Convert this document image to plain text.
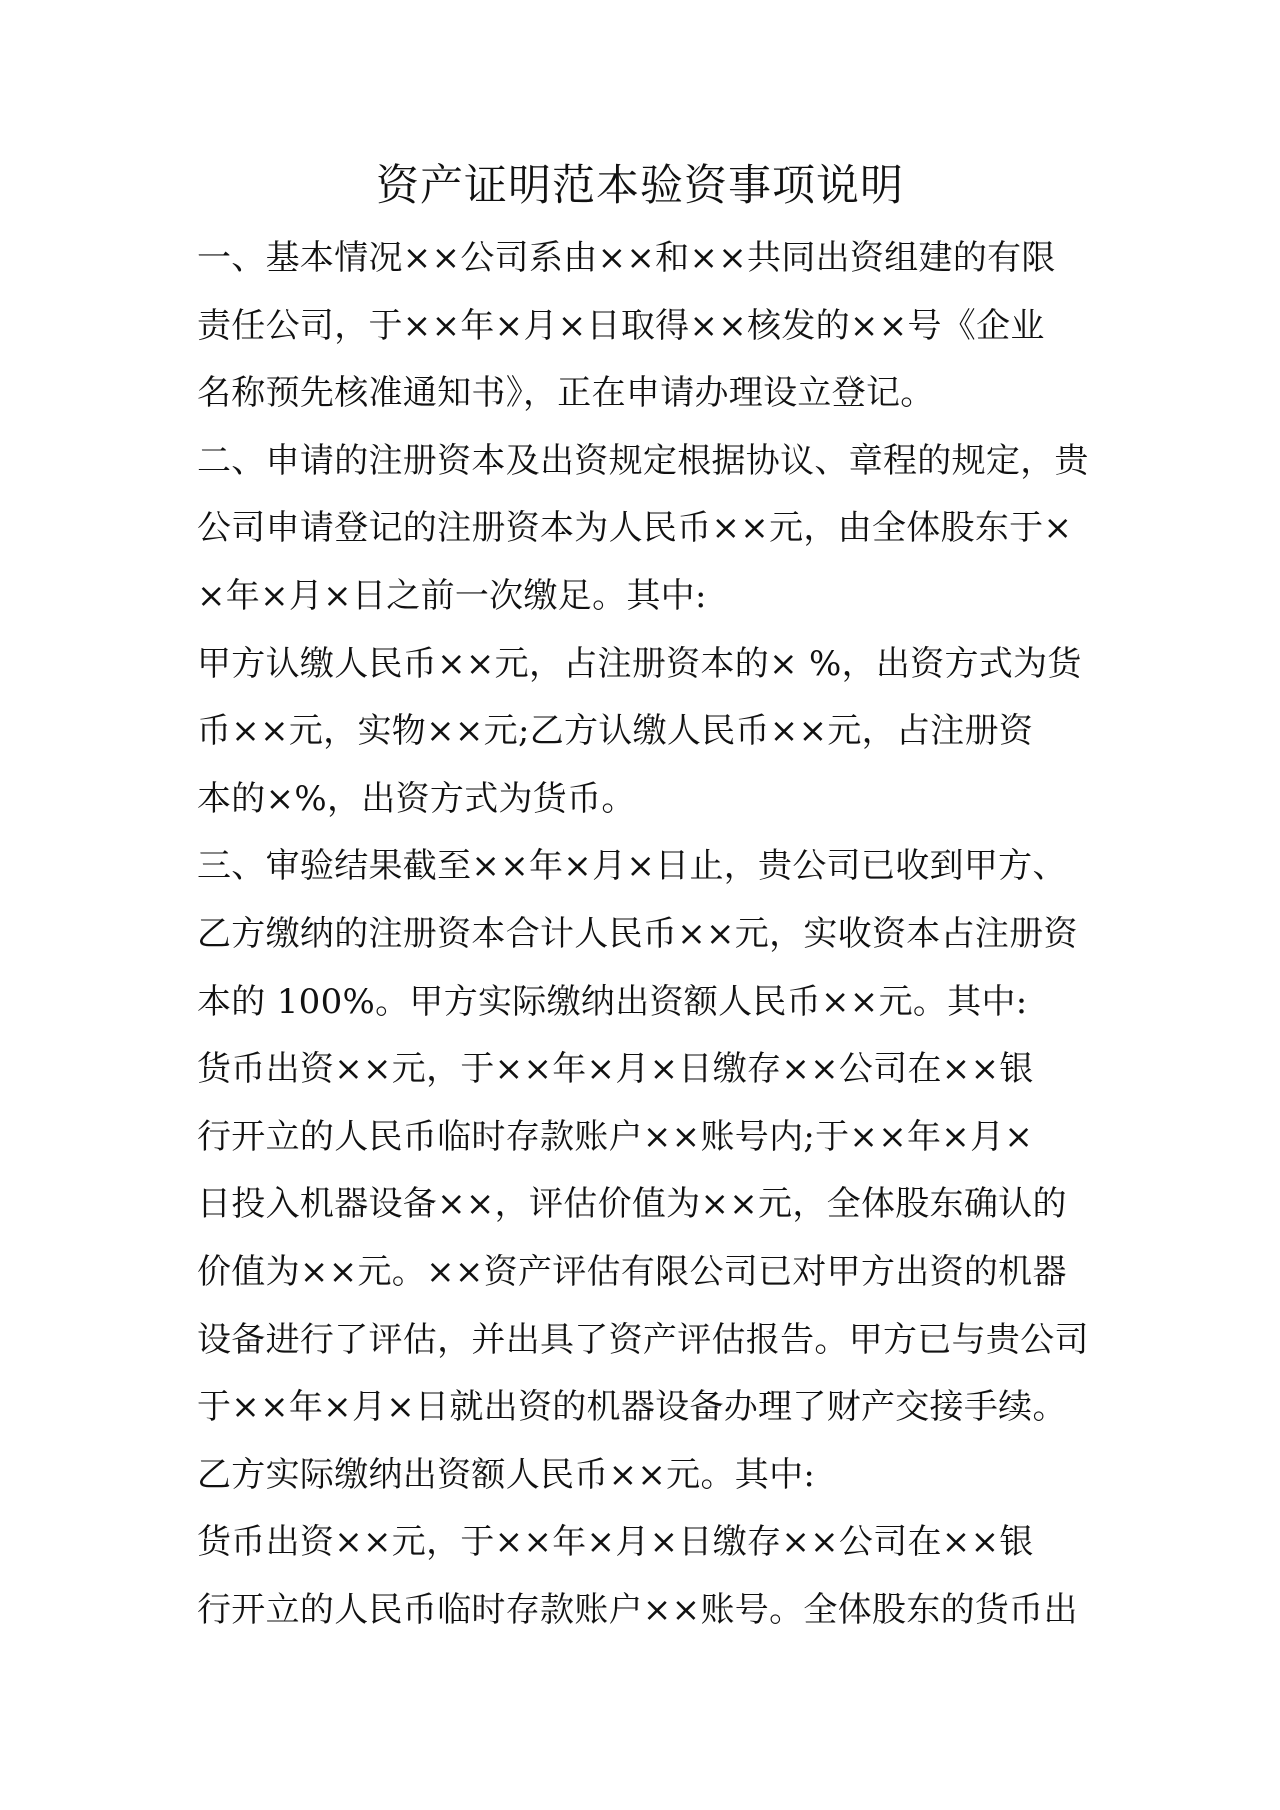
资产证明范本验资事项说明
一、基本情况××公司系由××和××共同出资组建的有限
责任公司，于××年×月×日取得××核发的××号《企业
名称预先核准通知书》，正在申请办理设立登记。
二、申请的注册资本及出资规定根据协议、章程的规定，贵
公司申请登记的注册资本为人民币××元，由全体股东于×
×年×月×日之前一次缴足。其中:
甲方认缴人民币××元，占注册资本的× %，出资方式为货
币××元，实物××元;乙方认缴人民币××元，占注册资
本的×%，出资方式为货币。
三、审验结果截至××年×月×日止，贵公司已收到甲方、
乙方缴纳的注册资本合计人民币××元，实收资本占注册资
本的 100%。甲方实际缴纳出资额人民币××元。其中:
货币出资××元，于××年×月×日缴存××公司在××银
行开立的人民币临时存款账户××账号内;于××年×月×
日投入机器设备××，评估价值为××元，全体股东确认的
价值为××元。××资产评估有限公司已对甲方出资的机器
设备进行了评估，并出具了资产评估报告。甲方已与贵公司
于××年×月×日就出资的机器设备办理了财产交接手续。
乙方实际缴纳出资额人民币××元。其中:
货币出资××元，于××年×月×日缴存××公司在××银
行开立的人民币临时存款账户××账号。全体股东的货币出
